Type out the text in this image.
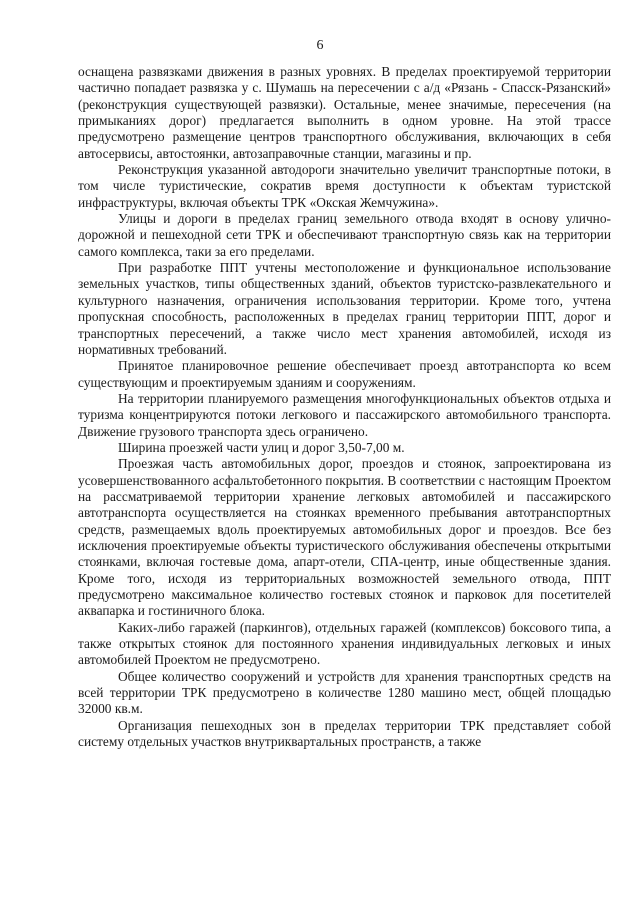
6

оснащена развязками движения в разных уровнях. В пределах проектируемой территории частично попадает развязка у с. Шумашь на пересечении с а/д «Рязань - Спасск-Рязанский» (реконструкция существующей развязки). Остальные, менее значимые, пересечения (на примыканиях дорог) предлагается выполнить в одном уровне. На этой трассе предусмотрено размещение центров транспортного обслуживания, включающих в себя автосервисы, автостоянки, автозаправочные станции, магазины и пр.

Реконструкция указанной автодороги значительно увеличит транспортные потоки, в том числе туристические, сократив время доступности к объектам туристской инфраструктуры, включая объекты ТРК «Окская Жемчужина».

Улицы и дороги в пределах границ земельного отвода входят в основу улично-дорожной и пешеходной сети ТРК и обеспечивают транспортную связь как на территории самого комплекса, таки за его пределами.

При разработке ППТ учтены местоположение и функциональное использование земельных участков, типы общественных зданий, объектов туристско-развлекательного и культурного назначения, ограничения использования территории. Кроме того, учтена пропускная способность, расположенных в пределах границ территории ППТ, дорог и транспортных пересечений, а также число мест хранения автомобилей, исходя из нормативных требований.

Принятое планировочное решение обеспечивает проезд автотранспорта ко всем существующим и проектируемым зданиям и сооружениям.

На территории планируемого размещения многофункциональных объектов отдыха и туризма концентрируются потоки легкового и пассажирского автомобильного транспорта. Движение грузового транспорта здесь ограничено.

Ширина проезжей части улиц и дорог 3,50-7,00 м.

Проезжая часть автомобильных дорог, проездов и стоянок, запроектирована из усовершенствованного асфальтобетонного покрытия. В соответствии с настоящим Проектом на рассматриваемой территории хранение легковых автомобилей и пассажирского автотранспорта осуществляется на стоянках временного пребывания автотранспортных средств, размещаемых вдоль проектируемых автомобильных дорог и проездов. Все без исключения проектируемые объекты туристического обслуживания обеспечены открытыми стоянками, включая гостевые дома, апарт-отели, СПА-центр, иные общественные здания. Кроме того, исходя из территориальных возможностей земельного отвода, ППТ предусмотрено максимальное количество гостевых стоянок и парковок для посетителей аквапарка и гостиничного блока.

Каких-либо гаражей (паркингов), отдельных гаражей (комплексов) боксового типа, а также открытых стоянок для постоянного хранения индивидуальных легковых и иных автомобилей Проектом не предусмотрено.

Общее количество сооружений и устройств для хранения транспортных средств на всей территории ТРК предусмотрено в количестве 1280 машино мест, общей площадью 32000 кв.м.

Организация пешеходных зон в пределах территории ТРК представляет собой систему отдельных участков внутриквартальных пространств, а также
